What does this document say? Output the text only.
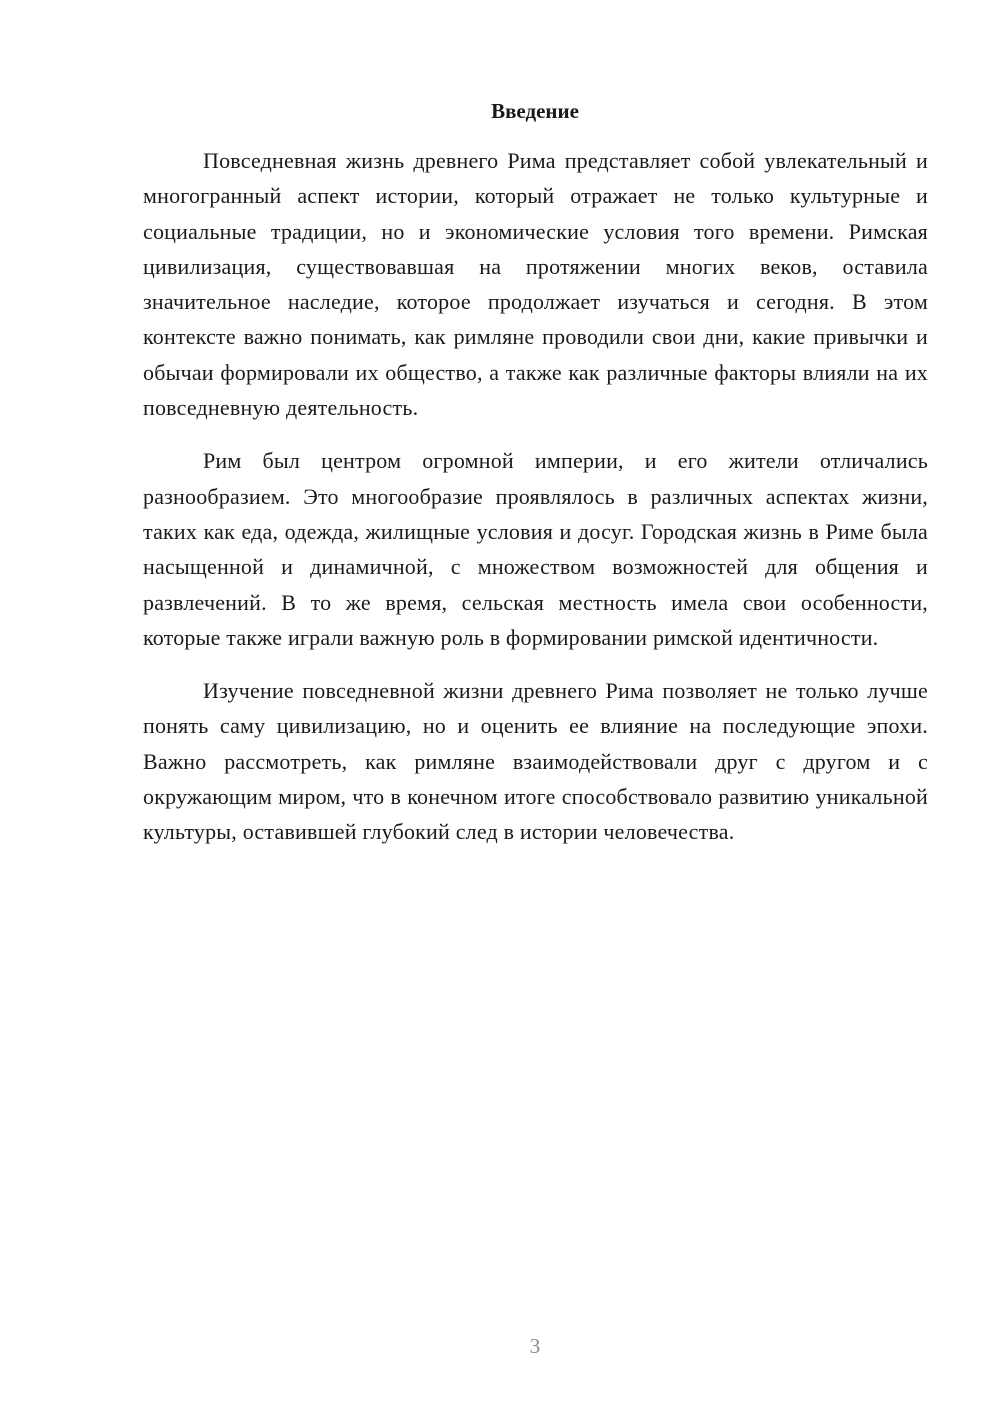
Введение

Повседневная жизнь древнего Рима представляет собой увлекательный и многогранный аспект истории, который отражает не только культурные и социальные традиции, но и экономические условия того времени. Римская цивилизация, существовавшая на протяжении многих веков, оставила значительное наследие, которое продолжает изучаться и сегодня. В этом контексте важно понимать, как римляне проводили свои дни, какие привычки и обычаи формировали их общество, а также как различные факторы влияли на их повседневную деятельность.

Рим был центром огромной империи, и его жители отличались разнообразием. Это многообразие проявлялось в различных аспектах жизни, таких как еда, одежда, жилищные условия и досуг. Городская жизнь в Риме была насыщенной и динамичной, с множеством возможностей для общения и развлечений. В то же время, сельская местность имела свои особенности, которые также играли важную роль в формировании римской идентичности.

Изучение повседневной жизни древнего Рима позволяет не только лучше понять саму цивилизацию, но и оценить ее влияние на последующие эпохи. Важно рассмотреть, как римляне взаимодействовали друг с другом и с окружающим миром, что в конечном итоге способствовало развитию уникальной культуры, оставившей глубокий след в истории человечества.

3
